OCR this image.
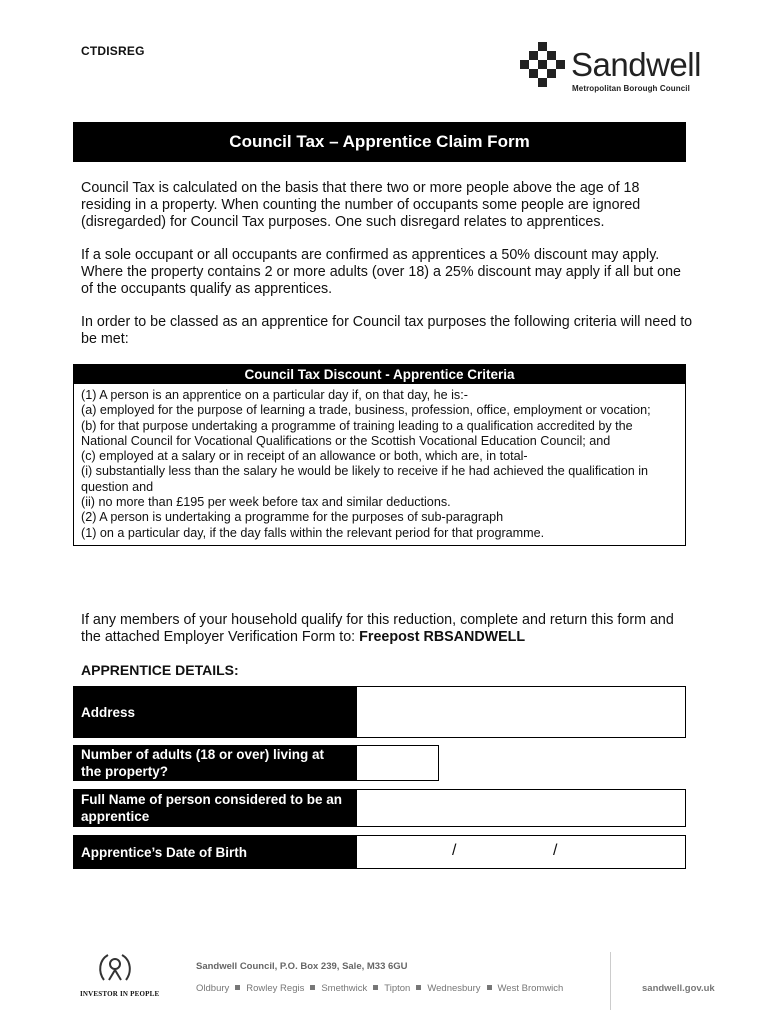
CTDISREG	Sandwell
Metropolitan Borough Council
Council Tax – Apprentice Claim Form
Council Tax is calculated on the basis that there two or more people above the age of 18 residing in a property. When counting the number of occupants some people are ignored (disregarded) for Council Tax purposes. One such disregard relates to apprentices.
If a sole occupant or all occupants are confirmed as apprentices a 50% discount may apply. Where the property contains 2 or more adults (over 18) a 25% discount may apply if all but one of the occupants qualify as apprentices.
In order to be classed as an apprentice for Council tax purposes the following criteria will need to be met:
Council Tax Discount - Apprentice Criteria
(1) A person is an apprentice on a particular day if, on that day, he is:-
(a) employed for the purpose of learning a trade, business, profession, office, employment or vocation;
(b) for that purpose undertaking a programme of training leading to a qualification accredited by the
National Council for Vocational Qualifications or the Scottish Vocational Education Council; and
(c) employed at a salary or in receipt of an allowance or both, which are, in total-
(i) substantially less than the salary he would be likely to receive if he had achieved the qualification in question and
(ii) no more than £195 per week before tax and similar deductions.
(2) A person is undertaking a programme for the purposes of sub-paragraph
(1) on a particular day, if the day falls within the relevant period for that programme.
If any members of your household qualify for this reduction, complete and return this form and the attached Employer Verification Form to: Freepost RBSANDWELL
APPRENTICE DETAILS:
Address
Number of adults (18 or over) living at the property?
Full Name of person considered to be an apprentice
Apprentice’s Date of Birth	/	/
INVESTOR IN PEOPLE
Sandwell Council, P.O. Box 239, Sale, M33 6GU
Oldbury Rowley Regis Smethwick Tipton Wednesbury West Bromwich	sandwell.gov.uk
